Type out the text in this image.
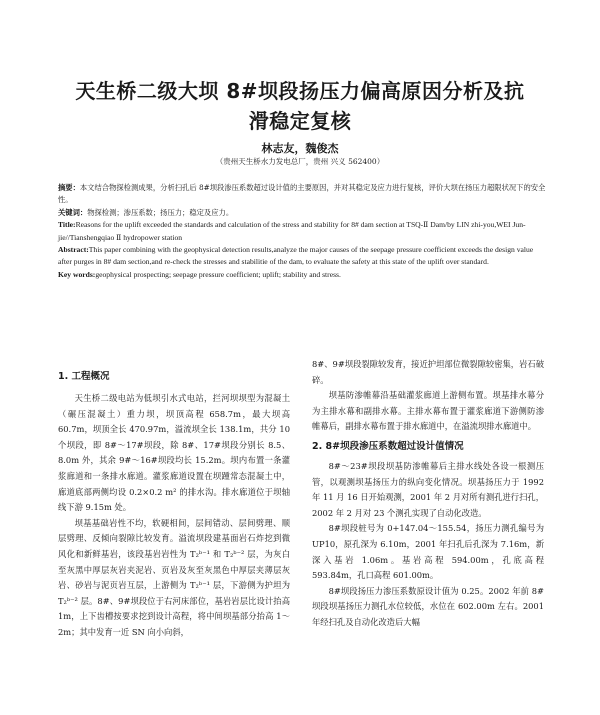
天生桥二级大坝 8#坝段扬压力偏高原因分析及抗
滑稳定复核
林志友，魏俊杰
（贵州天生桥水力发电总厂，贵州 兴义 562400）

摘要：本文结合物探检测成果，分析扫孔后 8#坝段渗压系数超过设计值的主要原因，并对其稳定及应力进行复核，评价大坝在扬压力超限状况下的安全性。

关键词：物探检测；渗压系数；扬压力；稳定及应力。

Title:Reasons for the uplift exceeded the standards and calculation of the stress and stability for 8# dam section at TSQ-Ⅱ Dam/by LIN zhi-you,WEI Jun-jie//Tianshengqiao Ⅱ hydropower station

Abstract:This paper combining with the geophysical detection results,analyze the major causes of the seepage pressure coefficient exceeds the design value after purges in 8# dam section,and re-check the stresses and stabilitie of the dam, to evaluate the safety at this state of the uplift over standard.

Key words:geophysical prospecting; seepage pressure coefficient; uplift; stability and stress.

1. 工程概况

天生桥二级电站为低坝引水式电站，拦河坝坝型为混凝土（碾压混凝土）重力坝，坝顶高程 658.7m，最大坝高 60.7m，坝顶全长 470.97m，溢流坝全长 138.1m，共分 10 个坝段，即 8#～17#坝段，除 8#、17#坝段分别长 8.5、8.0m 外，其余 9#～16#坝段均长 15.2m。坝内布置一条灌浆廊道和一条排水廊道。灌浆廊道设置在坝踵常态混凝土中，廊道底部两侧均设 0.2×0.2 m² 的排水沟。排水廊道位于坝轴线下游 9.15m 处。

坝基基础岩性不均，软硬相间，层间错动、层间劈理、顺层劈理、反倾向裂隙比较发育。溢流坝段建基面岩石炸挖到微风化和新鲜基岩，该段基岩岩性为 T₂ᵇ⁻¹ 和 T₂ᵇ⁻² 层，为灰白至灰黑中厚层灰岩夹泥岩、页岩及灰至灰黑色中厚层夹薄层灰岩、砂岩与泥页岩互层，上游侧为 T₂ᵇ⁻¹ 层，下游侧为护坦为 T₂ᵇ⁻² 层。8#、9#坝段位于右河床部位，基岩岩层比设计抬高 1m，上下齿槽按要求挖到设计高程，将中间坝基部分抬高 1～2m；其中发育一近 SN 向小向斜，

8#、9#坝段裂隙较发育，接近护坦部位微裂隙较密集，岩石破碎。

坝基防渗帷幕沿基础灌浆廊道上游侧布置。坝基排水幕分为主排水幕和副排水幕。主排水幕布置于灌浆廊道下游侧防渗帷幕后，副排水幕布置于排水廊道中，在溢流坝排水廊道中。

2. 8#坝段渗压系数超过设计值情况

8#～23#坝段坝基防渗帷幕后主排水线处各设一根测压管，以观测坝基扬压力的纵向变化情况。坝基扬压力于 1992 年 11 月 16 日开始观测，2001 年 2 月对所有测孔进行扫孔，2002 年 2 月对 23 个测孔实现了自动化改造。

8#坝段桩号为 0+147.04～155.54，扬压力测孔编号为 UP10，原孔深为 6.10m，2001 年扫孔后孔深为 7.16m，新深入基岩 1.06m。基岩高程 594.00m，孔底高程 593.84m，孔口高程 601.00m。

8#坝段扬压力渗压系数原设计值为 0.25。2002 年前 8#坝段坝基扬压力测孔水位较低，水位在 602.00m 左右。2001 年经扫孔及自动化改造后大幅
